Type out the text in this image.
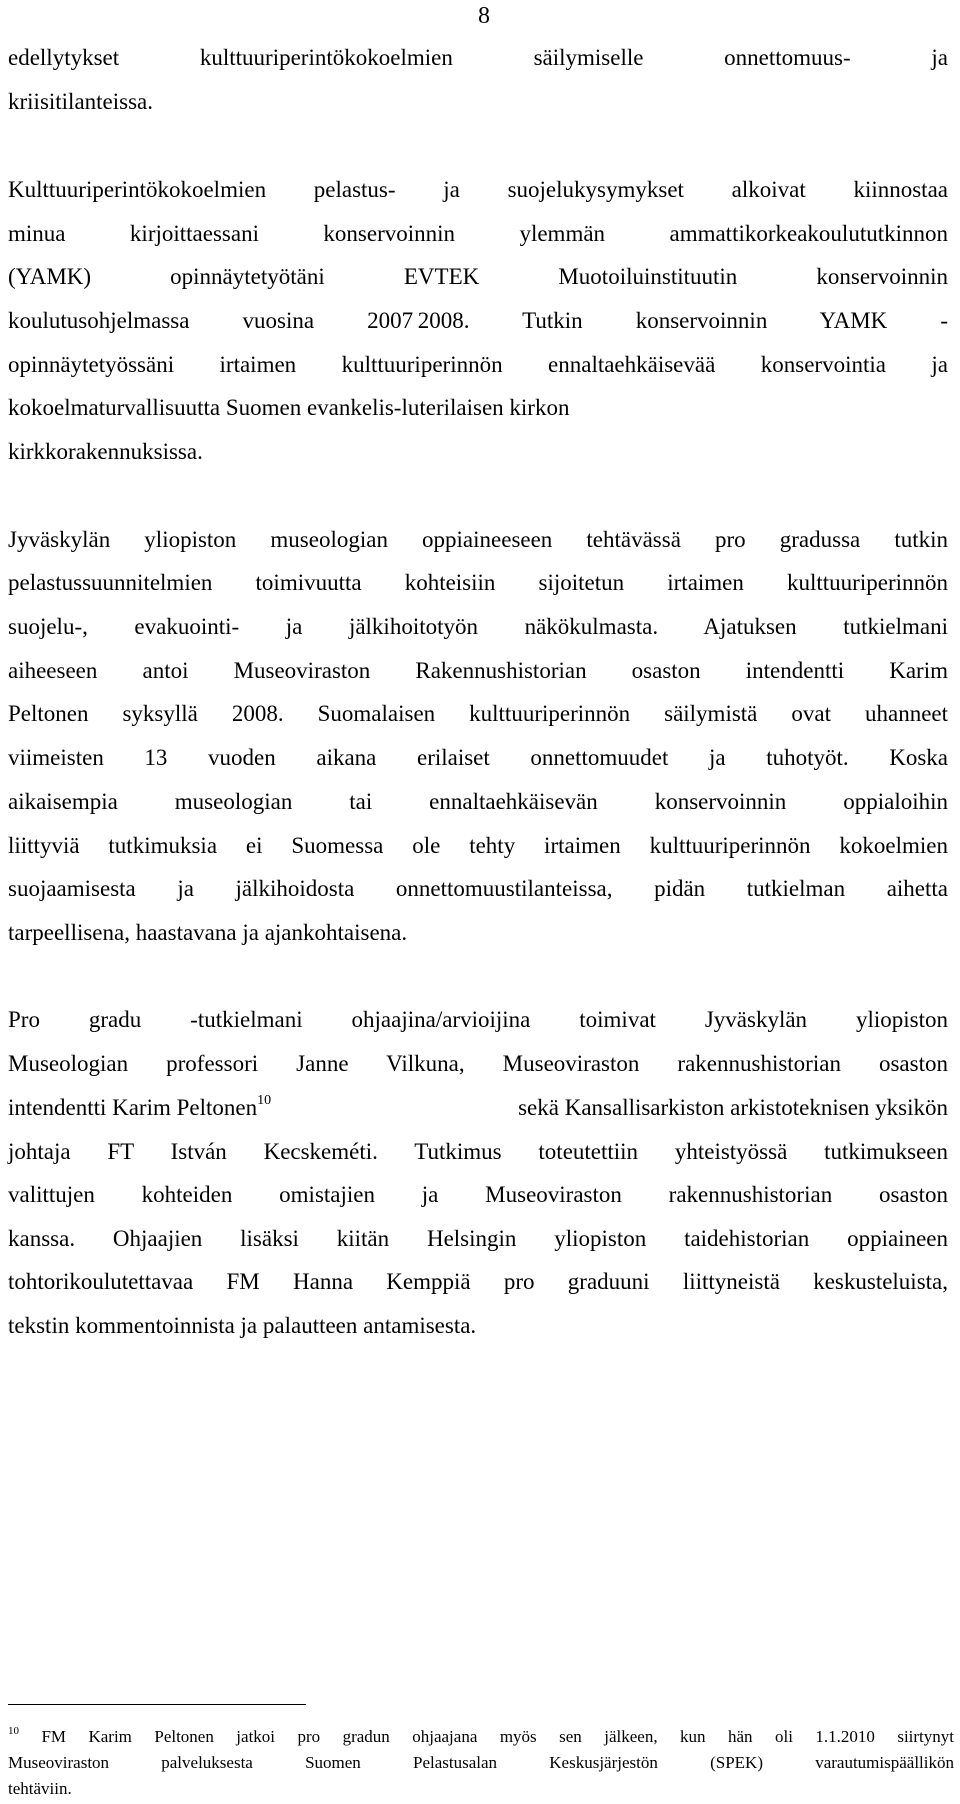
8
edellytykset kulttuuriperintökokoelmien säilymiselle onnettomuus- ja
kriisitilanteissa.
Kulttuuriperintökokoelmien pelastus- ja suojelukysymykset alkoivat kiinnostaa
minua kirjoittaessani konservoinnin ylemmän ammattikorkeakoulututkinnon
(YAMK) opinnäytetyötäni EVTEK Muotoiluinstituutin konservoinnin
koulutusohjelmassa vuosina 2007 2008. Tutkin konservoinnin YAMK -
opinnäytetyössäni irtaimen kulttuuriperinnön ennaltaehkäisevää konservointia ja
kokoelmaturvallisuutta Suomen evankelis-luterilaisen kirkon
kirkkorakennuksissa.
Jyväskylän yliopiston museologian oppiaineeseen tehtävässä pro gradussa tutkin
pelastussuunnitelmien toimivuutta kohteisiin sijoitetun irtaimen kulttuuriperinnön
suojelu-, evakuointi- ja jälkihoitotyön näkökulmasta. Ajatuksen tutkielmani
aiheeseen antoi Museoviraston Rakennushistorian osaston intendentti Karim
Peltonen syksyllä 2008. Suomalaisen kulttuuriperinnön säilymistä ovat uhanneet
viimeisten 13 vuoden aikana erilaiset onnettomuudet ja tuhotyöt. Koska
aikaisempia museologian tai ennaltaehkäisevän konservoinnin oppialoihin
liittyviä tutkimuksia ei Suomessa ole tehty irtaimen kulttuuriperinnön kokoelmien
suojaamisesta ja jälkihoidosta onnettomuustilanteissa, pidän tutkielman aihetta
tarpeellisena, haastavana ja ajankohtaisena.
Pro gradu -tutkielmani ohjaajina/arvioijina toimivat Jyväskylän yliopiston
Museologian professori Janne Vilkuna, Museoviraston rakennushistorian osaston
intendentti Karim Peltonen$^{10}$	sekä Kansallisarkiston arkistoteknisen yksikön
johtaja FT István Kecskeméti. Tutkimus toteutettiin yhteistyössä tutkimukseen
valittujen kohteiden omistajien ja Museoviraston rakennushistorian osaston
kanssa. Ohjaajien lisäksi kiitän Helsingin yliopiston taidehistorian oppiaineen
tohtorikoulutettavaa FM Hanna Kemppiä pro graduuni liittyneistä keskusteluista,
tekstin kommentoinnista ja palautteen antamisesta.
$^{10}$ FM Karim Peltonen jatkoi pro gradun ohjaajana myös sen jälkeen, kun hän oli 1.1.2010 siirtynyt
Museoviraston palveluksesta Suomen Pelastusalan Keskusjärjestön (SPEK) varautumispäällikön
tehtäviin.
